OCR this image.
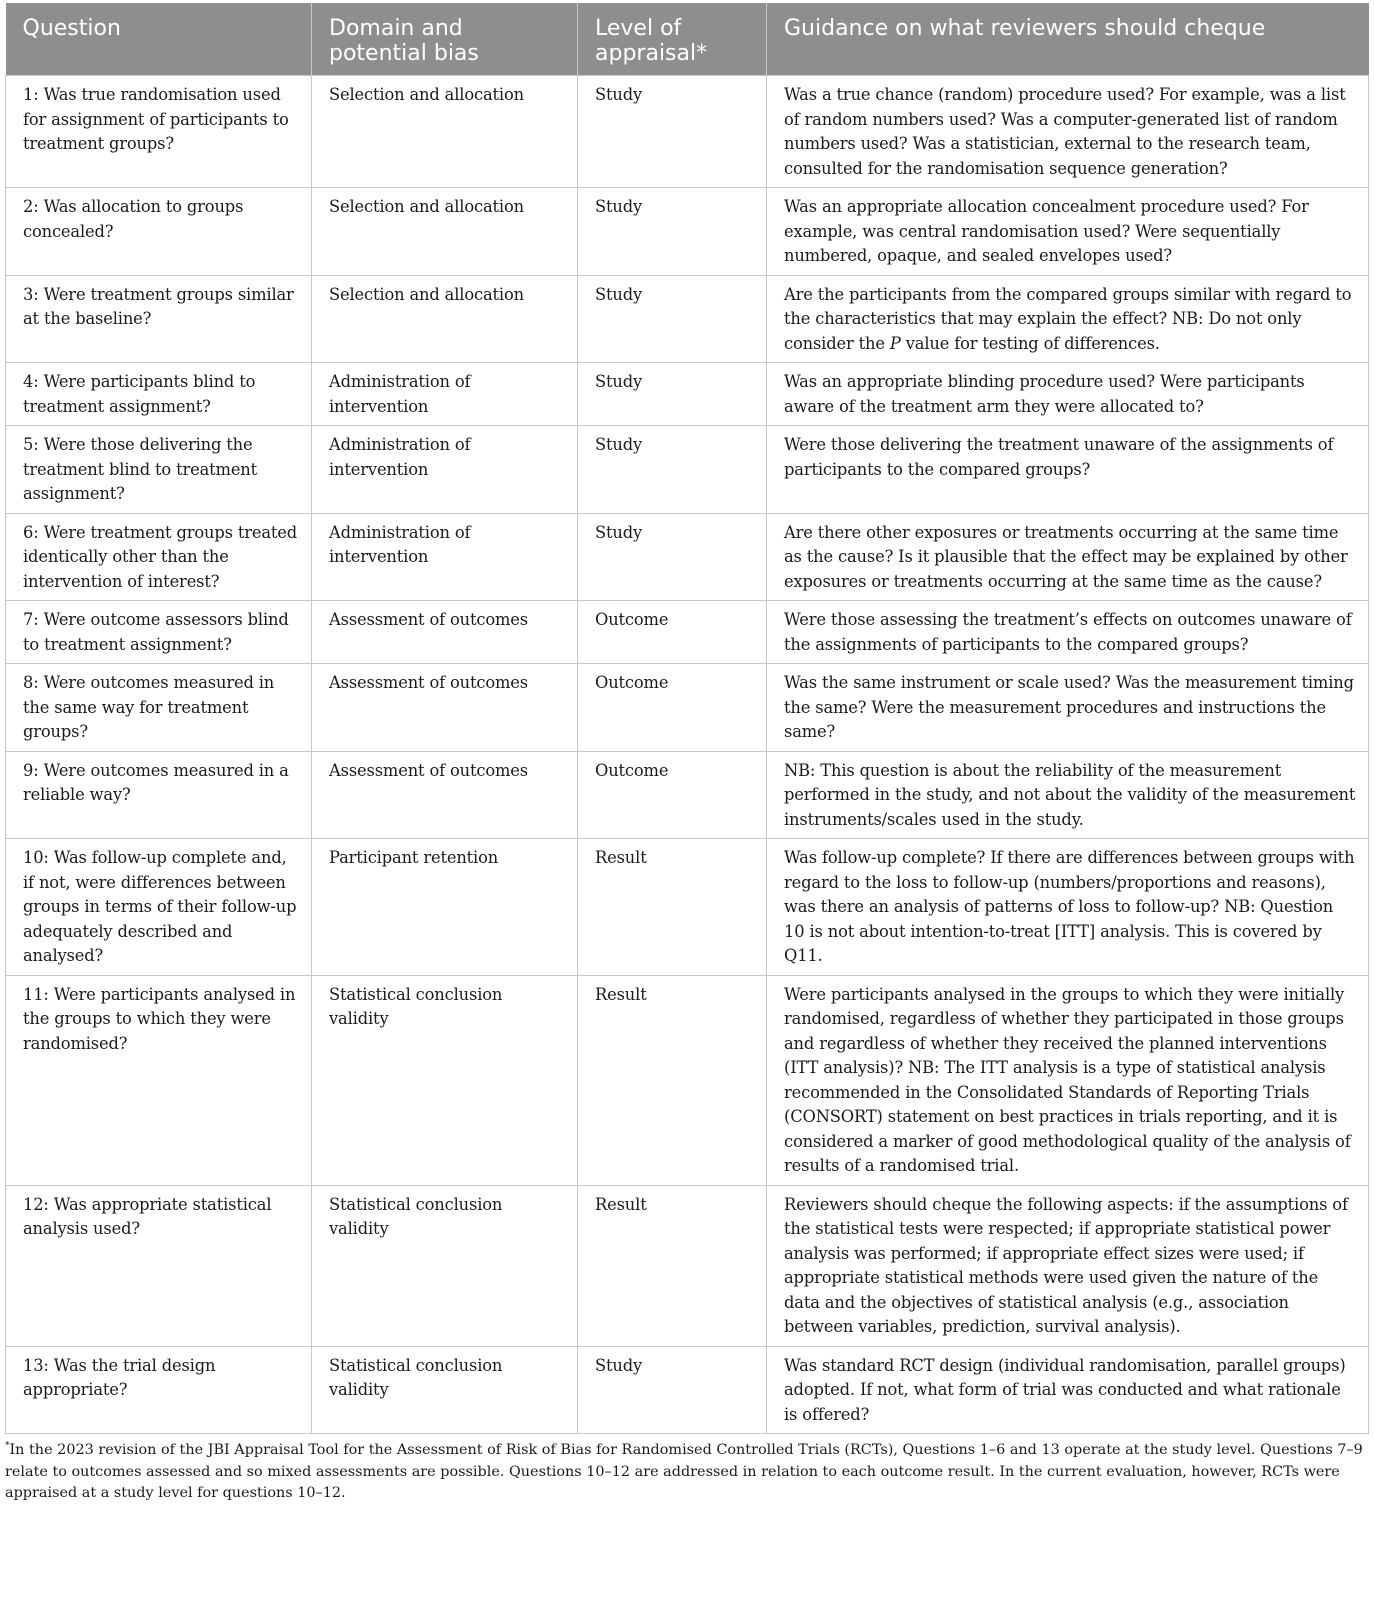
Question	Domain and potential bias	Level of appraisal*	Guidance on what reviewers should cheque
1: Was true randomisation used for assignment of participants to treatment groups?	Selection and allocation	Study	Was a true chance (random) procedure used? For example, was a list of random numbers used? Was a computer-generated list of random numbers used? Was a statistician, external to the research team, consulted for the randomisation sequence generation?
2: Was allocation to groups concealed?	Selection and allocation	Study	Was an appropriate allocation concealment procedure used? For example, was central randomisation used? Were sequentially numbered, opaque, and sealed envelopes used?
3: Were treatment groups similar at the baseline?	Selection and allocation	Study	Are the participants from the compared groups similar with regard to the characteristics that may explain the effect? NB: Do not only consider the P value for testing of differences.
4: Were participants blind to treatment assignment?	Administration of intervention	Study	Was an appropriate blinding procedure used? Were participants aware of the treatment arm they were allocated to?
5: Were those delivering the treatment blind to treatment assignment?	Administration of intervention	Study	Were those delivering the treatment unaware of the assignments of participants to the compared groups?
6: Were treatment groups treated identically other than the intervention of interest?	Administration of intervention	Study	Are there other exposures or treatments occurring at the same time as the cause? Is it plausible that the effect may be explained by other exposures or treatments occurring at the same time as the cause?
7: Were outcome assessors blind to treatment assignment?	Assessment of outcomes	Outcome	Were those assessing the treatment’s effects on outcomes unaware of the assignments of participants to the compared groups?
8: Were outcomes measured in the same way for treatment groups?	Assessment of outcomes	Outcome	Was the same instrument or scale used? Was the measurement timing the same? Were the measurement procedures and instructions the same?
9: Were outcomes measured in a reliable way?	Assessment of outcomes	Outcome	NB: This question is about the reliability of the measurement performed in the study, and not about the validity of the measurement instruments/scales used in the study.
10: Was follow-up complete and, if not, were differences between groups in terms of their follow-up adequately described and analysed?	Participant retention	Result	Was follow-up complete? If there are differences between groups with regard to the loss to follow-up (numbers/proportions and reasons), was there an analysis of patterns of loss to follow-up? NB: Question 10 is not about intention-to-treat [ITT] analysis. This is covered by Q11.
11: Were participants analysed in the groups to which they were randomised?	Statistical conclusion validity	Result	Were participants analysed in the groups to which they were initially randomised, regardless of whether they participated in those groups and regardless of whether they received the planned interventions (ITT analysis)? NB: The ITT analysis is a type of statistical analysis recommended in the Consolidated Standards of Reporting Trials (CONSORT) statement on best practices in trials reporting, and it is considered a marker of good methodological quality of the analysis of results of a randomised trial.
12: Was appropriate statistical analysis used?	Statistical conclusion validity	Result	Reviewers should cheque the following aspects: if the assumptions of the statistical tests were respected; if appropriate statistical power analysis was performed; if appropriate effect sizes were used; if appropriate statistical methods were used given the nature of the data and the objectives of statistical analysis (e.g., association between variables, prediction, survival analysis).
13: Was the trial design appropriate?	Statistical conclusion validity	Study	Was standard RCT design (individual randomisation, parallel groups) adopted. If not, what form of trial was conducted and what rationale is offered?
*In the 2023 revision of the JBI Appraisal Tool for the Assessment of Risk of Bias for Randomised Controlled Trials (RCTs), Questions 1–6 and 13 operate at the study level. Questions 7–9 relate to outcomes assessed and so mixed assessments are possible. Questions 10–12 are addressed in relation to each outcome result. In the current evaluation, however, RCTs were appraised at a study level for questions 10–12.
